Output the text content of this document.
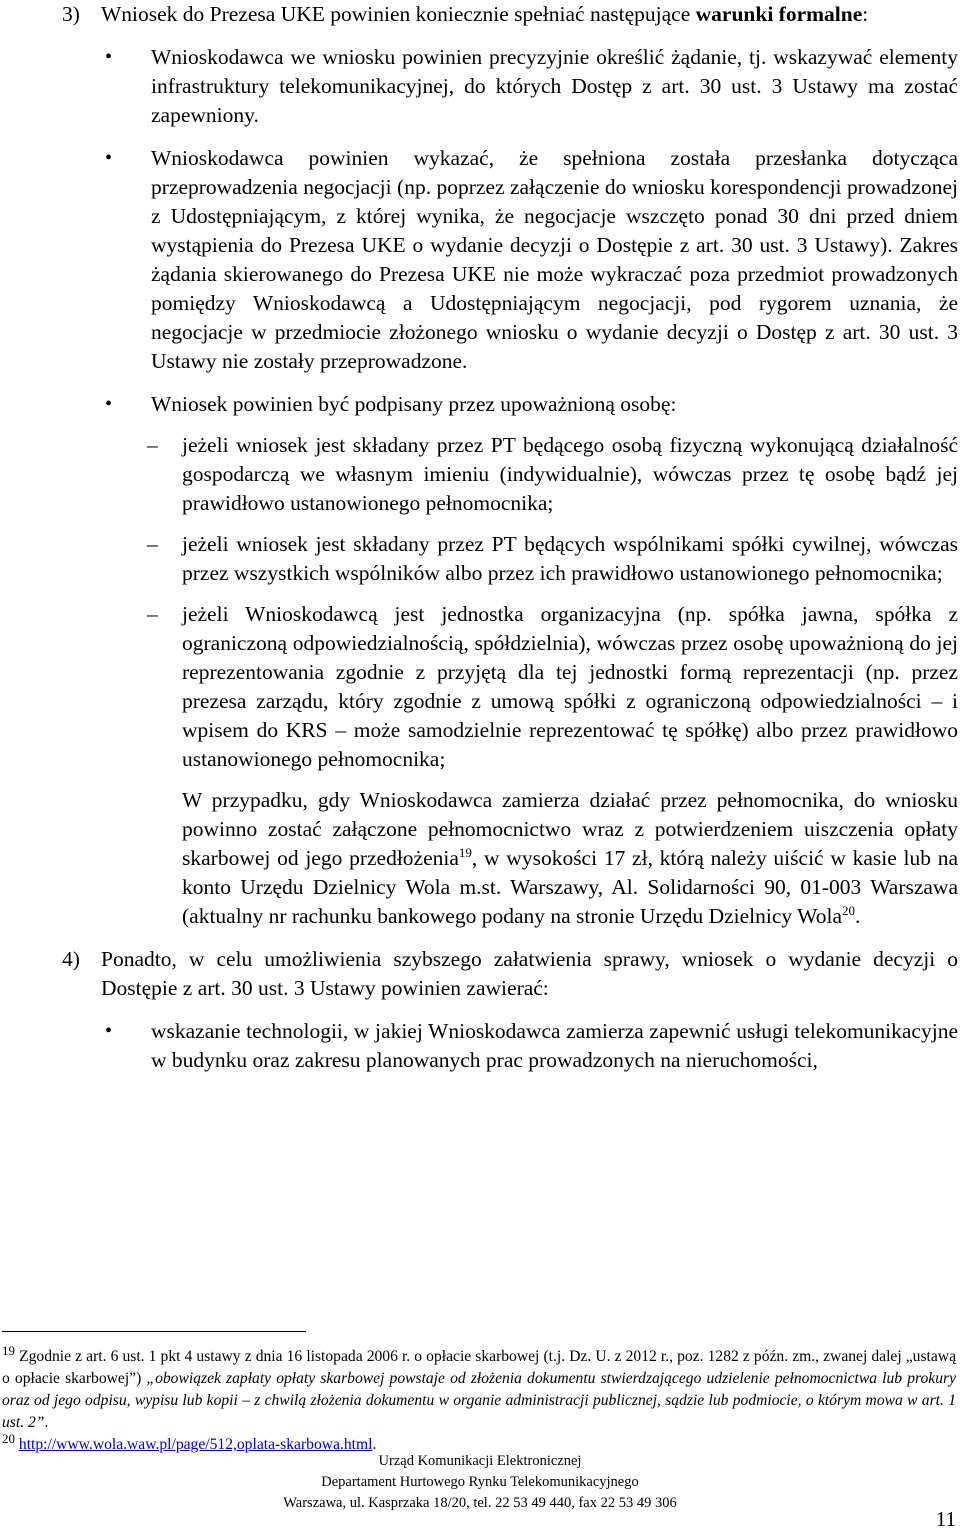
3) Wniosek do Prezesa UKE powinien koniecznie spełniać następujące warunki formalne:

• Wnioskodawca we wniosku powinien precyzyjnie określić żądanie, tj. wskazywać elementy infrastruktury telekomunikacyjnej, do których Dostęp z art. 30 ust. 3 Ustawy ma zostać zapewniony.

• Wnioskodawca powinien wykazać, że spełniona została przesłanka dotycząca przeprowadzenia negocjacji (np. poprzez załączenie do wniosku korespondencji prowadzonej z Udostępniającym, z której wynika, że negocjacje wszczęto ponad 30 dni przed dniem wystąpienia do Prezesa UKE o wydanie decyzji o Dostępie z art. 30 ust. 3 Ustawy). Zakres żądania skierowanego do Prezesa UKE nie może wykraczać poza przedmiot prowadzonych pomiędzy Wnioskodawcą a Udostępniającym negocjacji, pod rygorem uznania, że negocjacje w przedmiocie złożonego wniosku o wydanie decyzji o Dostęp z art. 30 ust. 3 Ustawy nie zostały przeprowadzone.

• Wniosek powinien być podpisany przez upoważnioną osobę:

– jeżeli wniosek jest składany przez PT będącego osobą fizyczną wykonującą działalność gospodarczą we własnym imieniu (indywidualnie), wówczas przez tę osobę bądź jej prawidłowo ustanowionego pełnomocnika;

– jeżeli wniosek jest składany przez PT będących wspólnikami spółki cywilnej, wówczas przez wszystkich wspólników albo przez ich prawidłowo ustanowionego pełnomocnika;

– jeżeli Wnioskodawcą jest jednostka organizacyjna (np. spółka jawna, spółka z ograniczoną odpowiedzialnością, spółdzielnia), wówczas przez osobę upoważnioną do jej reprezentowania zgodnie z przyjętą dla tej jednostki formą reprezentacji (np. przez prezesa zarządu, który zgodnie z umową spółki z ograniczoną odpowiedzialności – i wpisem do KRS – może samodzielnie reprezentować tę spółkę) albo przez prawidłowo ustanowionego pełnomocnika;

W przypadku, gdy Wnioskodawca zamierza działać przez pełnomocnika, do wniosku powinno zostać załączone pełnomocnictwo wraz z potwierdzeniem uiszczenia opłaty skarbowej od jego przedłożenia$^{19}$, w wysokości 17 zł, którą należy uiścić w kasie lub na konto Urzędu Dzielnicy Wola m.st. Warszawy, Al. Solidarności 90, 01-003 Warszawa (aktualny nr rachunku bankowego podany na stronie Urzędu Dzielnicy Wola$^{20}$.

4) Ponadto, w celu umożliwienia szybszego załatwienia sprawy, wniosek o wydanie decyzji o Dostępie z art. 30 ust. 3 Ustawy powinien zawierać:

• wskazanie technologii, w jakiej Wnioskodawca zamierza zapewnić usługi telekomunikacyjne w budynku oraz zakresu planowanych prac prowadzonych na nieruchomości,

$^{19}$ Zgodnie z art. 6 ust. 1 pkt 4 ustawy z dnia 16 listopada 2006 r. o opłacie skarbowej (t.j. Dz. U. z 2012 r., poz. 1282 z późn. zm., zwanej dalej „ustawą o opłacie skarbowej”) „obowiązek zapłaty opłaty skarbowej powstaje od złożenia dokumentu stwierdzającego udzielenie pełnomocnictwa lub prokury oraz od jego odpisu, wypisu lub kopii – z chwilą złożenia dokumentu w organie administracji publicznej, sądzie lub podmiocie, o którym mowa w art. 1 ust. 2”.

$^{20}$ http://www.wola.waw.pl/page/512,oplata-skarbowa.html.

Urząd Komunikacji Elektronicznej

Departament Hurtowego Rynku Telekomunikacyjnego

Warszawa, ul. Kasprzaka 18/20, tel. 22 53 49 440, fax 22 53 49 306

11
